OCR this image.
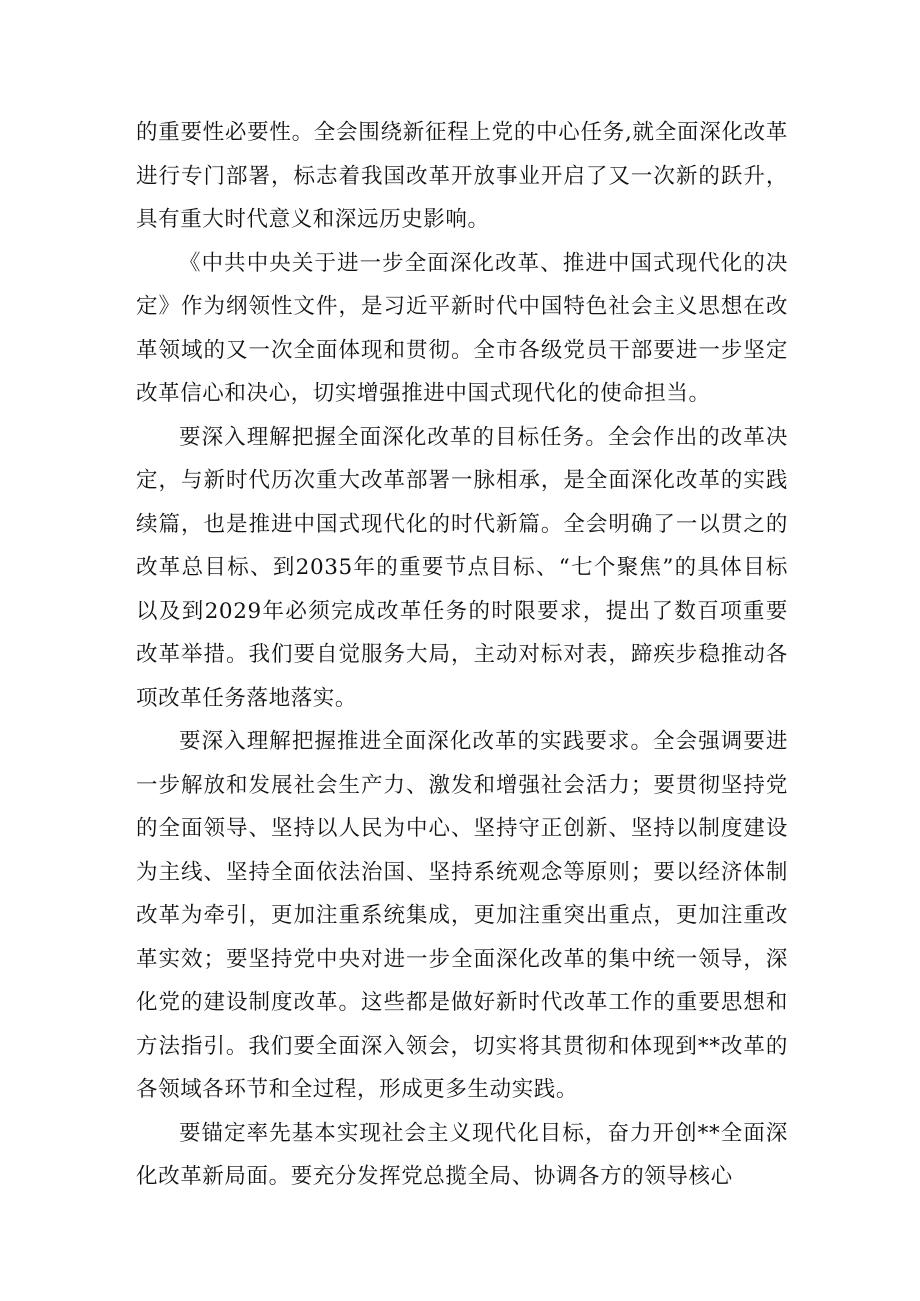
的重要性必要性。全会围绕新征程上党的中心任务,就全面深化改革进行专门部署，标志着我国改革开放事业开启了又一次新的跃升，具有重大时代意义和深远历史影响。

《中共中央关于进一步全面深化改革、推进中国式现代化的决定》作为纲领性文件，是习近平新时代中国特色社会主义思想在改革领域的又一次全面体现和贯彻。全市各级党员干部要进一步坚定改革信心和决心，切实增强推进中国式现代化的使命担当。

要深入理解把握全面深化改革的目标任务。全会作出的改革决定，与新时代历次重大改革部署一脉相承，是全面深化改革的实践续篇，也是推进中国式现代化的时代新篇。全会明确了一以贯之的改革总目标、到2035年的重要节点目标、“七个聚焦”的具体目标以及到2029年必须完成改革任务的时限要求，提出了数百项重要改革举措。我们要自觉服务大局，主动对标对表，蹄疾步稳推动各项改革任务落地落实。

要深入理解把握推进全面深化改革的实践要求。全会强调要进一步解放和发展社会生产力、激发和增强社会活力；要贯彻坚持党的全面领导、坚持以人民为中心、坚持守正创新、坚持以制度建设为主线、坚持全面依法治国、坚持系统观念等原则；要以经济体制改革为牵引，更加注重系统集成，更加注重突出重点，更加注重改革实效；要坚持党中央对进一步全面深化改革的集中统一领导，深化党的建设制度改革。这些都是做好新时代改革工作的重要思想和方法指引。我们要全面深入领会，切实将其贯彻和体现到**改革的各领域各环节和全过程，形成更多生动实践。

要锚定率先基本实现社会主义现代化目标，奋力开创**全面深化改革新局面。要充分发挥党总揽全局、协调各方的领导核心
